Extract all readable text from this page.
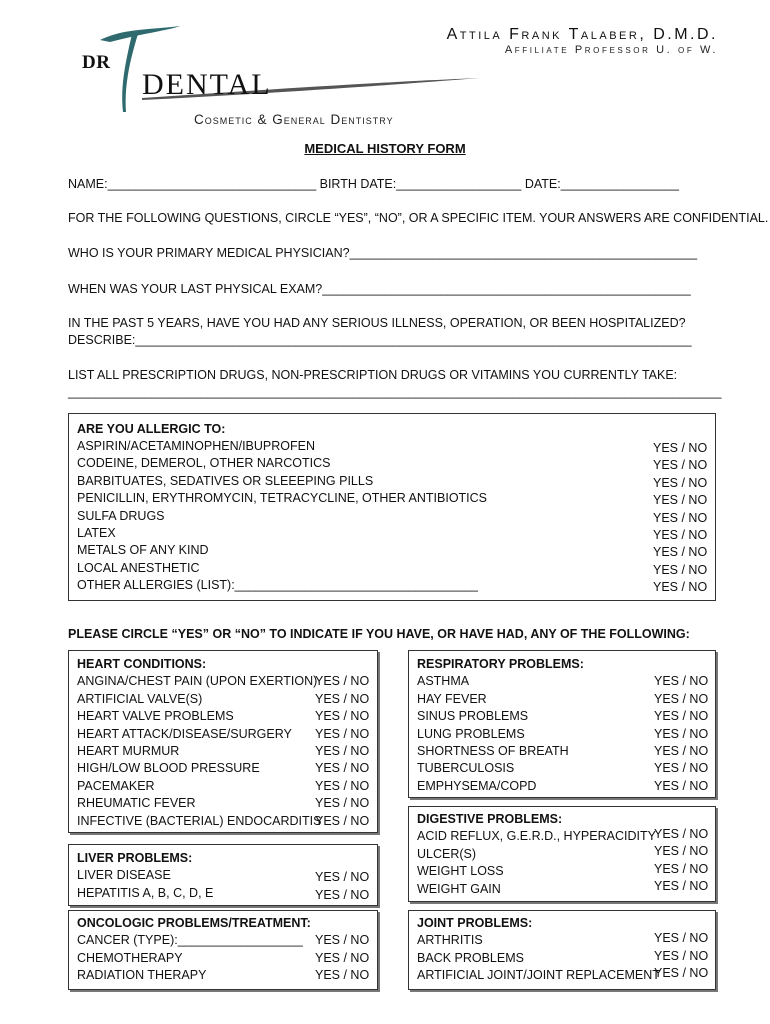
DR
DENTAL
Cosmetic & General Dentistry
Attila Frank Talaber, D.M.D.
Affiliate Professor U. of W.
MEDICAL HISTORY FORM
NAME:______________________________ BIRTH DATE:__________________ DATE:_________________
FOR THE FOLLOWING QUESTIONS, CIRCLE “YES”, “NO”, OR A SPECIFIC ITEM. YOUR ANSWERS ARE CONFIDENTIAL.
WHO IS YOUR PRIMARY MEDICAL PHYSICIAN?__________________________________________________
WHEN WAS YOUR LAST PHYSICAL EXAM?_____________________________________________________
IN THE PAST 5 YEARS, HAVE YOU HAD ANY SERIOUS ILLNESS, OPERATION, OR BEEN HOSPITALIZED?
DESCRIBE:________________________________________________________________________________
LIST ALL PRESCRIPTION DRUGS, NON-PRESCRIPTION DRUGS OR VITAMINS YOU CURRENTLY TAKE:
______________________________________________________________________________________________
ARE YOU ALLERGIC TO:
ASPIRIN/ACETAMINOPHEN/IBUPROFEN
CODEINE, DEMEROL, OTHER NARCOTICS
BARBITUATES, SEDATIVES OR SLEEEPING PILLS
PENICILLIN, ERYTHROMYCIN, TETRACYCLINE, OTHER ANTIBIOTICS
SULFA DRUGS
LATEX
METALS OF ANY KIND
LOCAL ANESTHETIC
OTHER ALLERGIES (LIST):___________________________________
YES / NO
YES / NO
YES / NO
YES / NO
YES / NO
YES / NO
YES / NO
YES / NO
YES / NO
PLEASE CIRCLE “YES” OR “NO” TO INDICATE IF YOU HAVE, OR HAVE HAD, ANY OF THE FOLLOWING:
HEART CONDITIONS:
ANGINA/CHEST PAIN (UPON EXERTION)
ARTIFICIAL VALVE(S)
HEART VALVE PROBLEMS
HEART ATTACK/DISEASE/SURGERY
HEART MURMUR
HIGH/LOW BLOOD PRESSURE
PACEMAKER
RHEUMATIC FEVER
INFECTIVE (BACTERIAL) ENDOCARDITIS
YES / NO
YES / NO
YES / NO
YES / NO
YES / NO
YES / NO
YES / NO
YES / NO
YES / NO
RESPIRATORY PROBLEMS:
ASTHMA
HAY FEVER
SINUS PROBLEMS
LUNG PROBLEMS
SHORTNESS OF BREATH
TUBERCULOSIS
EMPHYSEMA/COPD
YES / NO
YES / NO
YES / NO
YES / NO
YES / NO
YES / NO
YES / NO
DIGESTIVE PROBLEMS:
ACID REFLUX, G.E.R.D., HYPERACIDITY
ULCER(S)
WEIGHT LOSS
WEIGHT GAIN
YES / NO
YES / NO
YES / NO
YES / NO
LIVER PROBLEMS:
LIVER DISEASE
HEPATITIS A, B, C, D, E
YES / NO
YES / NO
ONCOLOGIC PROBLEMS/TREATMENT:
CANCER (TYPE):__________________
CHEMOTHERAPY
RADIATION THERAPY
YES / NO
YES / NO
YES / NO
JOINT PROBLEMS:
ARTHRITIS
BACK PROBLEMS
ARTIFICIAL JOINT/JOINT REPLACEMENT
YES / NO
YES / NO
YES / NO
